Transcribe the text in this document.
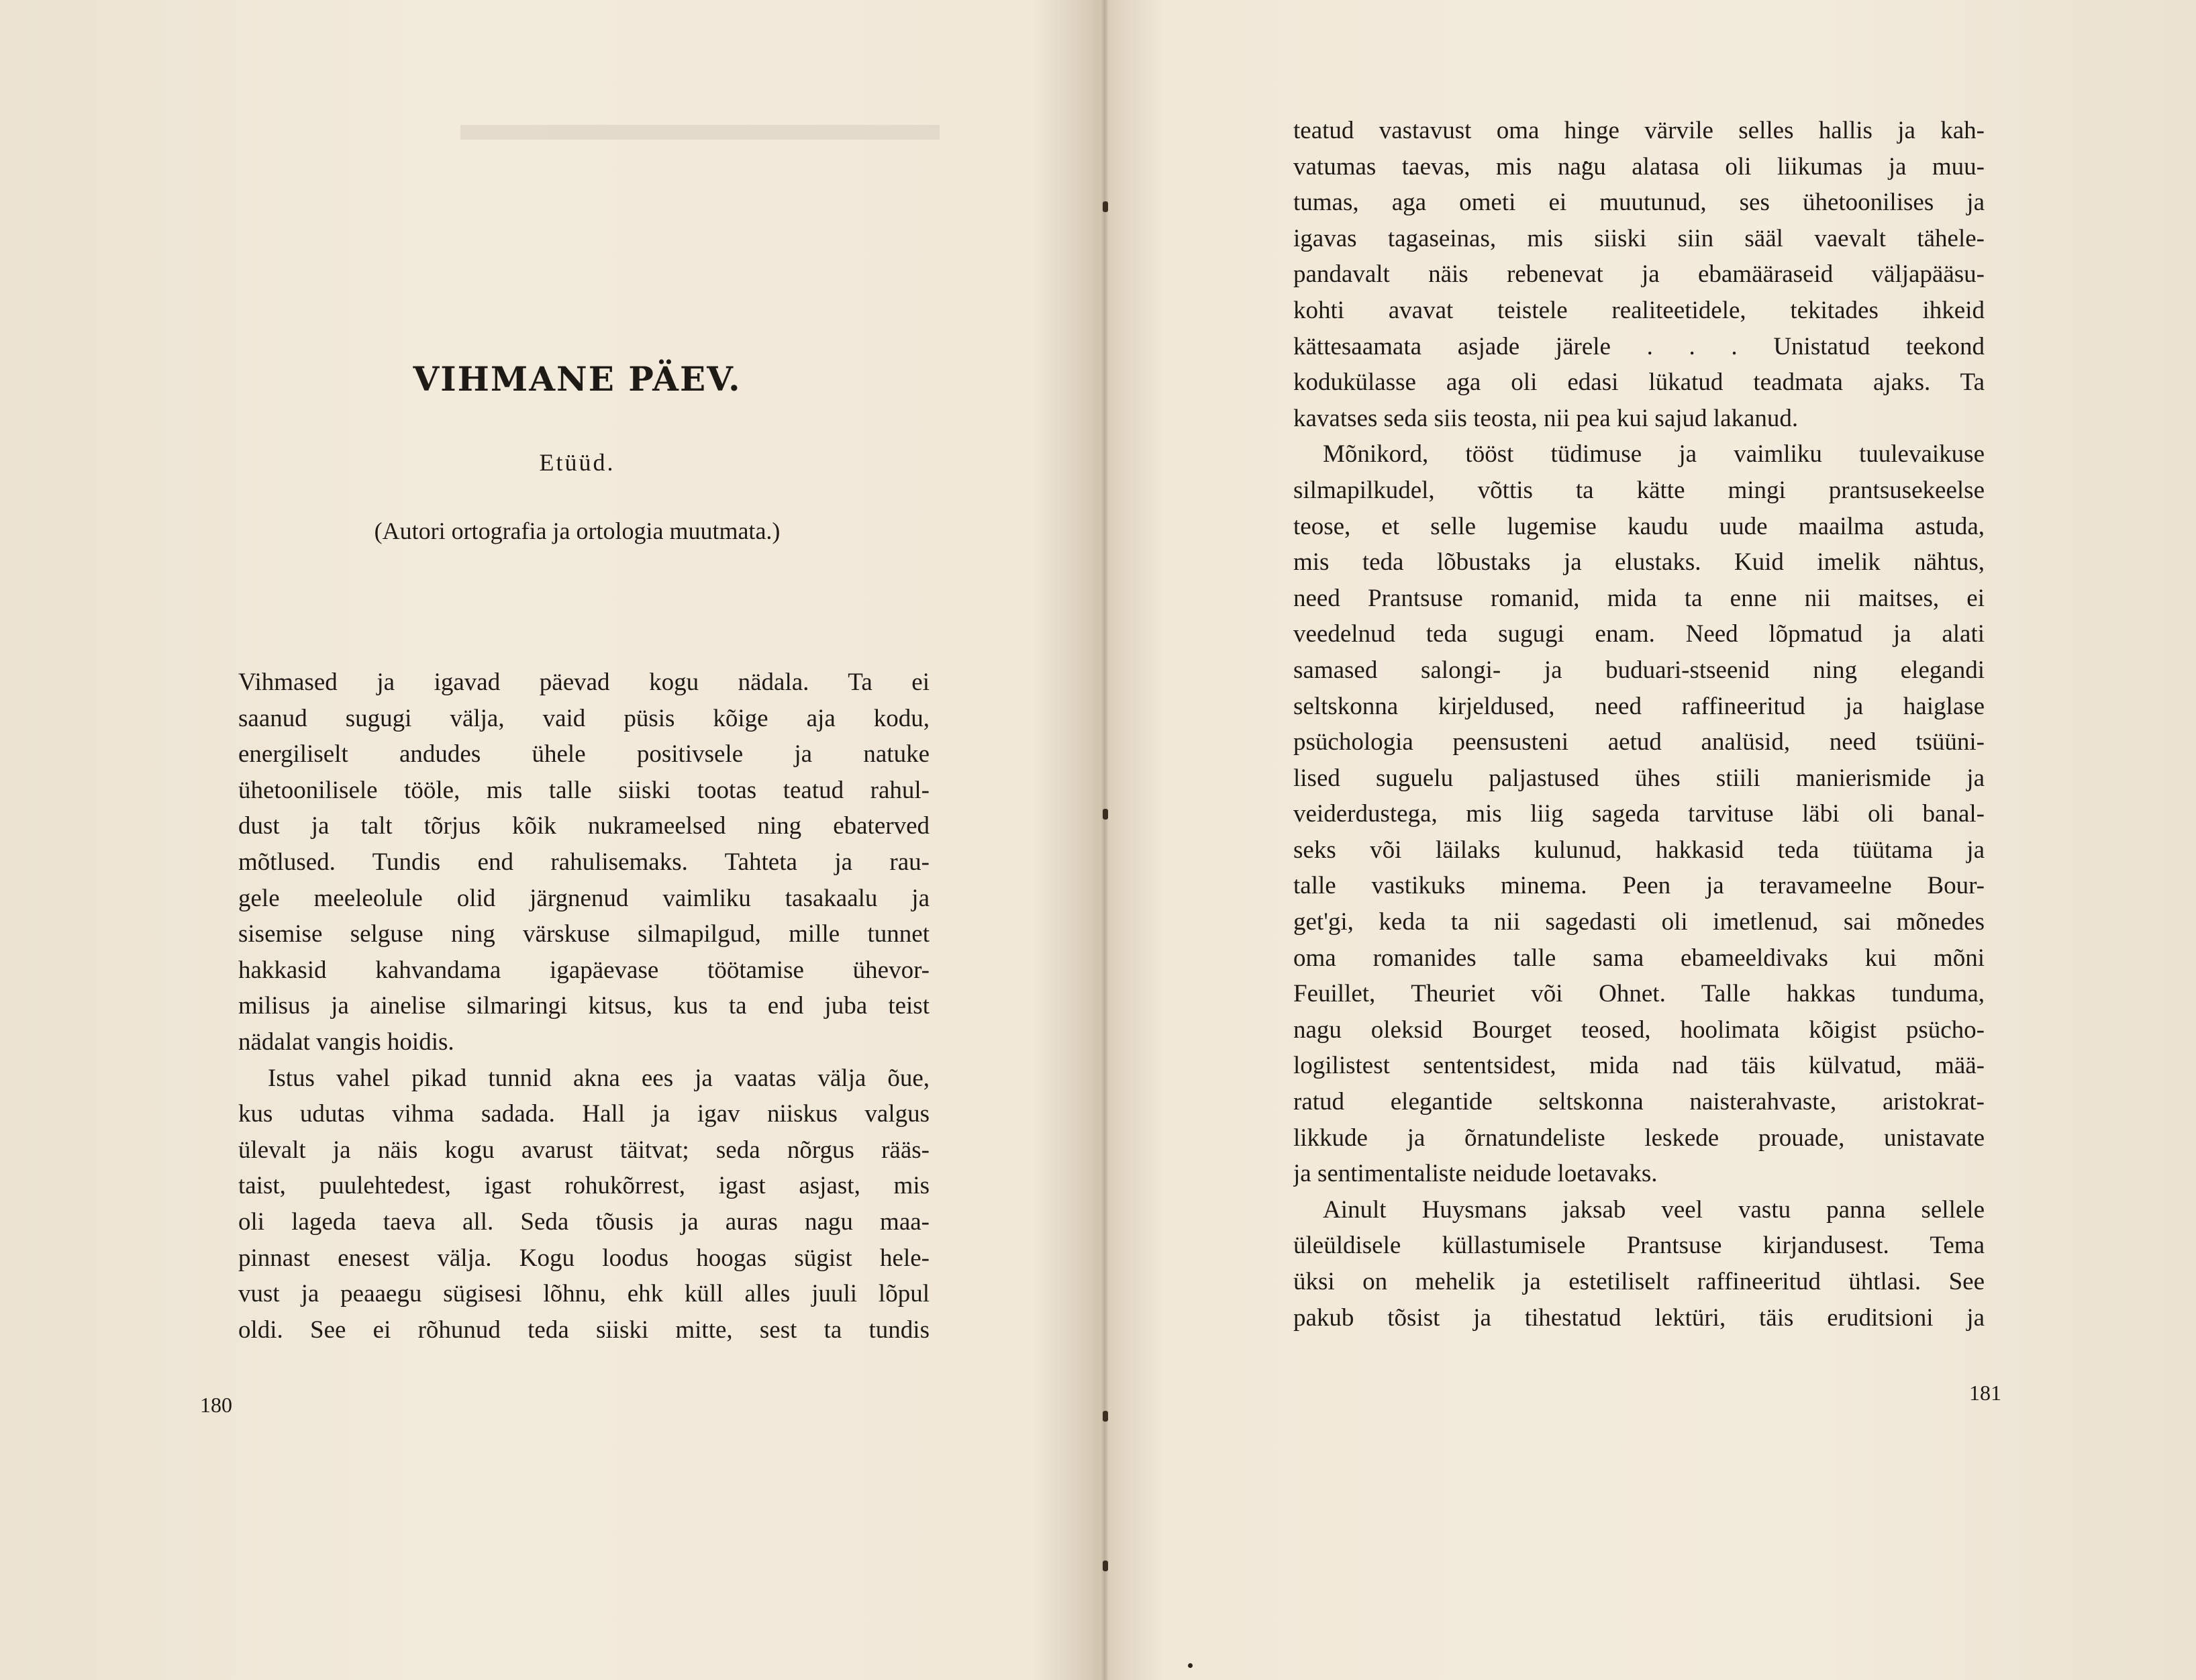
▀▀▀▀▀▀▀▀▀▀▀▀▀▀▀▀▀▀▀▀▀▀▀▀▀▀▀▀
VIHMANE PÄEV.

Etüüd.

(Autori ortografia ja ortologia muutmata.)

Vihmased ja igavad päevad kogu nädala. Ta ei
saanud sugugi välja, vaid püsis kõige aja kodu,
energiliselt andudes ühele positivsele ja natuke
ühetoonilisele tööle, mis talle siiski tootas teatud rahul-
dust ja talt tõrjus kõik nukrameelsed ning ebaterved
mõtlused. Tundis end rahulisemaks. Tahteta ja rau-
gele meeleolule olid järgnenud vaimliku tasakaalu ja
sisemise selguse ning värskuse silmapilgud, mille tunnet
hakkasid kahvandama igapäevase töötamise ühevor-
milisus ja ainelise silmaringi kitsus, kus ta end juba teist
nädalat vangis hoidis.
Istus vahel pikad tunnid akna ees ja vaatas välja õue,
kus udutas vihma sadada. Hall ja igav niiskus valgus
ülevalt ja näis kogu avarust täitvat; seda nõrgus rääs-
taist, puulehtedest, igast rohukõrrest, igast asjast, mis
oli lageda taeva all. Seda tõusis ja auras nagu maa-
pinnast enesest välja. Kogu loodus hoogas sügist hele-
vust ja peaaegu sügisesi lõhnu, ehk küll alles juuli lõpul
oldi. See ei rõhunud teda siiski mitte, sest ta tundis

180

teatud vastavust oma hinge värvile selles hallis ja kah-
vatumas taevas, mis nagu alatasa oli liikumas ja muu-
tumas, aga ometi ei muutunud, ses ühetoonilises ja
igavas tagaseinas, mis siiski siin sääl vaevalt tähele-
pandavalt näis rebenevat ja ebamääraseid väljapääsu-
kohti avavat teistele realiteetidele, tekitades ihkeid
kättesaamata asjade järele . . . Unistatud teekond
kodukülasse aga oli edasi lükatud teadmata ajaks. Ta
kavatses seda siis teosta, nii pea kui sajud lakanud.
Mõnikord, tööst tüdimuse ja vaimliku tuulevaikuse
silmapilkudel, võttis ta kätte mingi prantsusekeelse
teose, et selle lugemise kaudu uude maailma astuda,
mis teda lõbustaks ja elustaks. Kuid imelik nähtus,
need Prantsuse romanid, mida ta enne nii maitses, ei
veedelnud teda sugugi enam. Need lõpmatud ja alati
samased salongi- ja buduari-stseenid ning elegandi
seltskonna kirjeldused, need raffineeritud ja haiglase
psüchologia peensusteni aetud analüsid, need tsüüni-
lised suguelu paljastused ühes stiili manierismide ja
veiderdustega, mis liig sageda tarvituse läbi oli banal-
seks või läilaks kulunud, hakkasid teda tüütama ja
talle vastikuks minema. Peen ja teravameelne Bour-
get'gi, keda ta nii sagedasti oli imetlenud, sai mõnedes
oma romanides talle sama ebameeldivaks kui mõni
Feuillet, Theuriet või Ohnet. Talle hakkas tunduma,
nagu oleksid Bourget teosed, hoolimata kõigist psücho-
logilistest sententsidest, mida nad täis külvatud, mää-
ratud elegantide seltskonna naisterahvaste, aristokrat-
likkude ja õrnatundeliste leskede prouade, unistavate
ja sentimentaliste neidude loetavaks.
Ainult Huysmans jaksab veel vastu panna sellele
üleüldisele küllastumisele Prantsuse kirjandusest. Tema
üksi on mehelik ja estetiliselt raffineeritud ühtlasi. See
pakub tõsist ja tihestatud lektüri, täis eruditsioni ja

181
